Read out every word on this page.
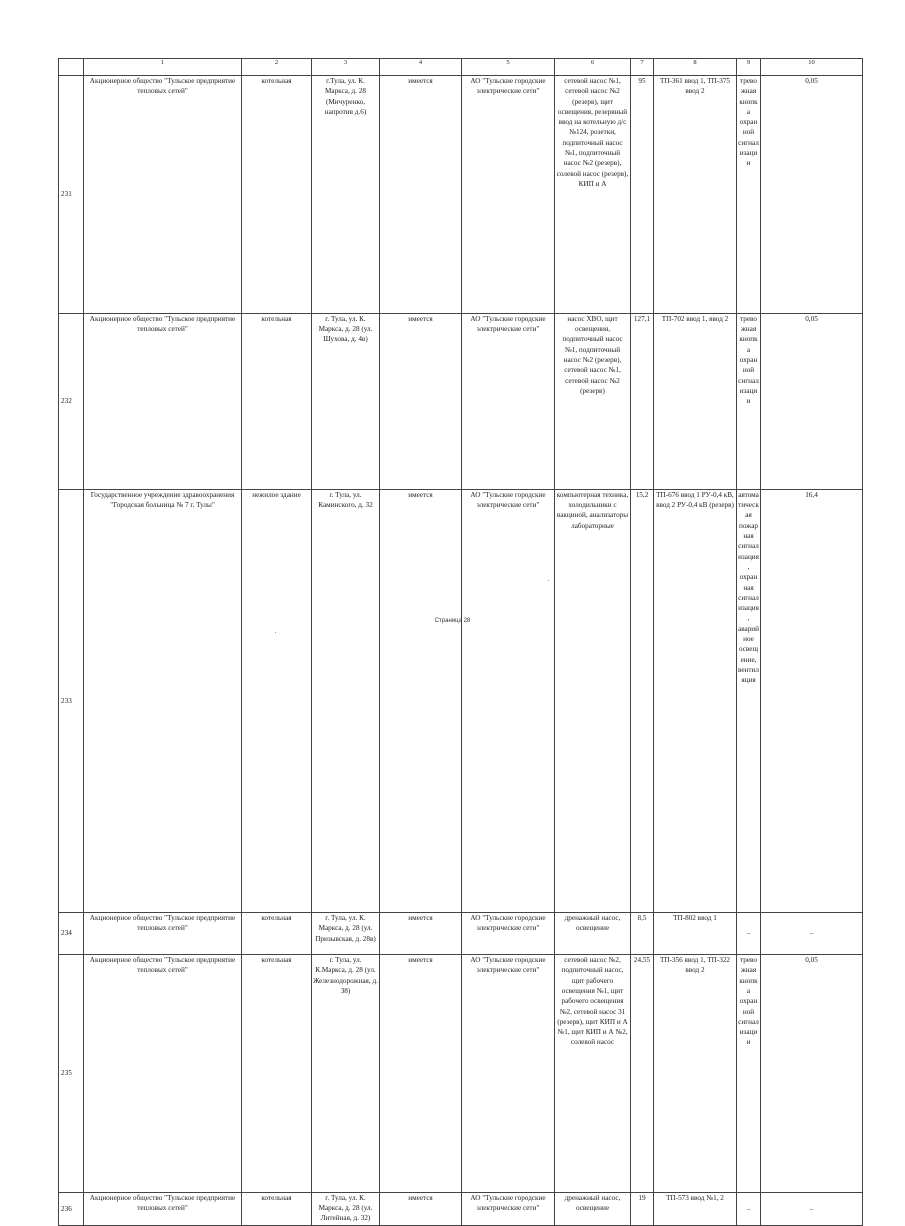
	1	2	3	4	5	6	7	8	9	10	
231	Акционерное общество "Тульское предприятие тепловых сетей"	котельная	г.Тула, ул. К. Маркса, д. 28 (Мичуренко, напротив д.6)	имеется	АО "Тульские городские электрические сети"	сетевой насос №1, сетевой насос №2 (резерв), щит освещения, резервный ввод на котельную д/с №124, розетки, подпиточный насос №1, подпиточный насос №2 (резерв), солевой насос (резерв), КИП и А	95	ТП-361 ввод 1, ТП-375 ввод 2	тревожная кнопка охранной сигнализации	0,05	
232	Акционерное общество "Тульское предприятие тепловых сетей"	котельная	г. Тула, ул. К. Маркса, д. 28 (ул. Шухова, д. 4в)	имеется	АО "Тульские городские электрические сети"	насос ХВО, щит освещения, подпиточный насос №1, подпиточный насос №2 (резерв), сетевой насос №1, сетевой насос №2 (резерв)	127,1	ТП-702 ввод 1, ввод 2	тревожная кнопка охранной сигнализации	0,05	
233	Государственное учреждение здравоохранения "Городская больница № 7 г. Тулы"	нежилое здание	г. Тула, ул. Каминского, д. 32	имеется	АО "Тульские городские электрические сети"	компьютерная техника, холодильники с вакциной, анализаторы лабораторные	15,2	ТП-676 ввод 1 РУ-0,4 кВ, ввод 2 РУ-0,4 кВ (резерв)	автоматическая пожарная сигнализация, охранная сигнализация, аварийное освещение, вентиляция	16,4	
234	Акционерное общество "Тульское предприятие тепловых сетей"	котельная	г. Тула, ул. К. Маркса, д. 28 (ул. Призывская, д. 28в)	имеется	АО "Тульские городские электрические сети"	дренажный насос, освещение	8,5	ТП-802 ввод 1	–	–	
235	Акционерное общество "Тульское предприятие тепловых сетей"	котельная	г. Тула, ул. К.Маркса, д. 28 (ул. Железнодорожная, д. 38)	имеется	АО "Тульские городские электрические сети"	сетевой насос №2, подпиточный насос, щит рабочего освещения №1, щит рабочего освещения №2, сетевой насос 31 (резерв), щит КИП и А №1, щит КИП и А №2, солевой насос	24,55	ТП-356 ввод 1, ТП-322 ввод 2	тревожная кнопка охранной сигнализации	0,05	
236	Акционерное общество "Тульское предприятие тепловых сетей"	котельная	г. Тула, ул. К. Маркса, д. 28 (ул. Литейная, д. 32)	имеется	АО "Тульские городские электрические сети"	дренажный насос, освещение	19	ТП-573 ввод №1, 2	–	–	
Страница 28
